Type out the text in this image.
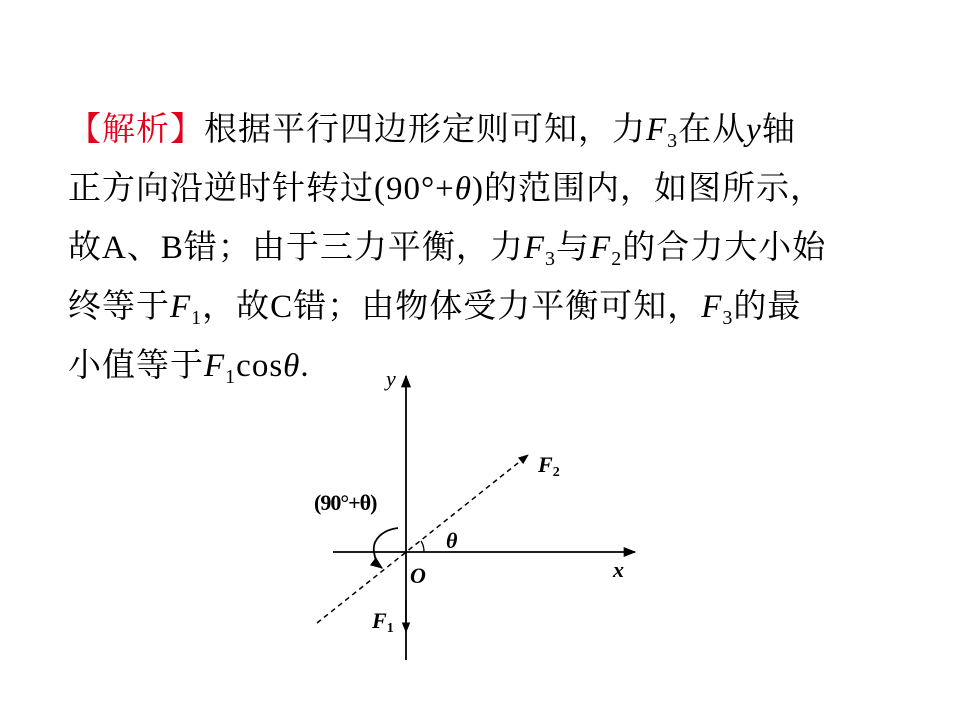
【解析】根据平行四边形定则可知，力$F_3$在从y轴
正方向沿逆时针转过(90°+θ)的范围内，如图所示，
故A、B错；由于三力平衡，力$F_3$与$F_2$的合力大小始
终等于$F_1$，故C错；由物体受力平衡可知，$F_3$的最
小值等于$F_1\cos\theta$.	y
x
O
θ
(90°+θ)
F2
F1
